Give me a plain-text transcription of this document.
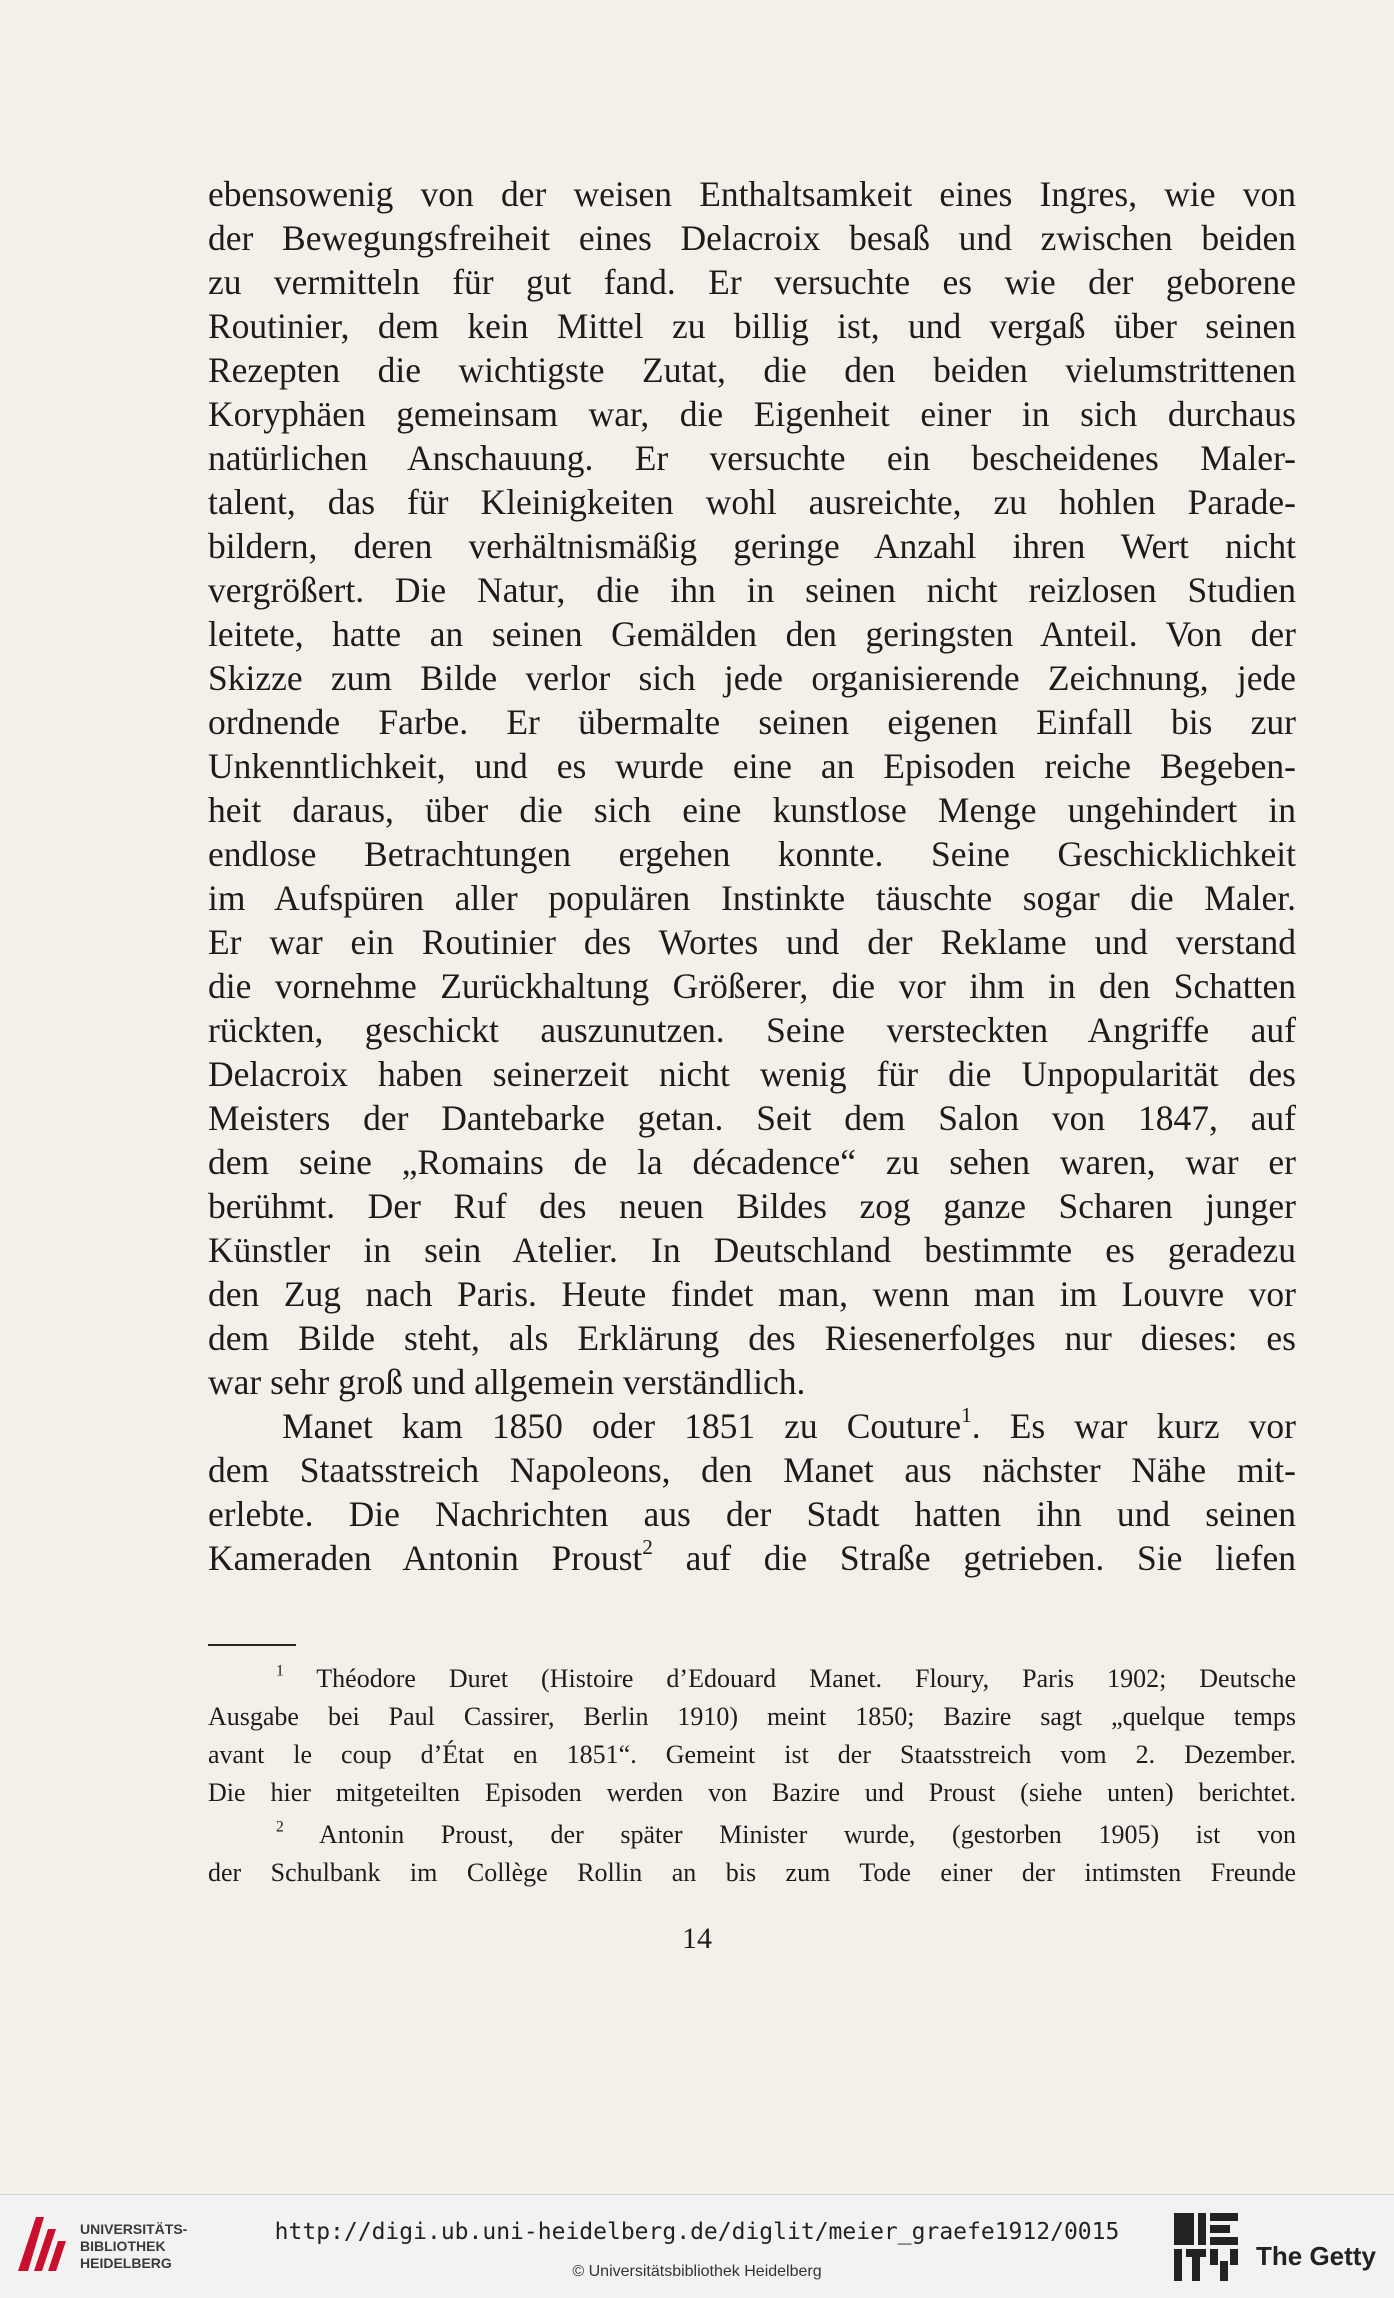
ebensowenig von der weisen Enthaltsamkeit eines Ingres, wie von
der Bewegungsfreiheit eines Delacroix besaß und zwischen beiden
zu vermitteln für gut fand. Er versuchte es wie der geborene
Routinier, dem kein Mittel zu billig ist, und vergaß über seinen
Rezepten die wichtigste Zutat, die den beiden vielumstrittenen
Koryphäen gemeinsam war, die Eigenheit einer in sich durchaus
natürlichen Anschauung. Er versuchte ein bescheidenes Maler-
talent, das für Kleinigkeiten wohl ausreichte, zu hohlen Parade-
bildern, deren verhältnismäßig geringe Anzahl ihren Wert nicht
vergrößert. Die Natur, die ihn in seinen nicht reizlosen Studien
leitete, hatte an seinen Gemälden den geringsten Anteil. Von der
Skizze zum Bilde verlor sich jede organisierende Zeichnung, jede
ordnende Farbe. Er übermalte seinen eigenen Einfall bis zur
Unkenntlichkeit, und es wurde eine an Episoden reiche Begeben-
heit daraus, über die sich eine kunstlose Menge ungehindert in
endlose Betrachtungen ergehen konnte. Seine Geschicklichkeit
im Aufspüren aller populären Instinkte täuschte sogar die Maler.
Er war ein Routinier des Wortes und der Reklame und verstand
die vornehme Zurückhaltung Größerer, die vor ihm in den Schatten
rückten, geschickt auszunutzen. Seine versteckten Angriffe auf
Delacroix haben seinerzeit nicht wenig für die Unpopularität des
Meisters der Dantebarke getan. Seit dem Salon von 1847, auf
dem seine „Romains de la décadence“ zu sehen waren, war er
berühmt. Der Ruf des neuen Bildes zog ganze Scharen junger
Künstler in sein Atelier. In Deutschland bestimmte es geradezu
den Zug nach Paris. Heute findet man, wenn man im Louvre vor
dem Bilde steht, als Erklärung des Riesenerfolges nur dieses: es
war sehr groß und allgemein verständlich.
Manet kam 1850 oder 1851 zu Couture$^1$. Es war kurz vor
dem Staatsstreich Napoleons, den Manet aus nächster Nähe mit-
erlebte. Die Nachrichten aus der Stadt hatten ihn und seinen
Kameraden Antonin Proust$^2$ auf die Straße getrieben. Sie liefen
$^1$ Théodore Duret (Histoire d’Edouard Manet. Floury, Paris 1902; Deutsche
Ausgabe bei Paul Cassirer, Berlin 1910) meint 1850; Bazire sagt „quelque temps
avant le coup d’État en 1851“. Gemeint ist der Staatsstreich vom 2. Dezember.
Die hier mitgeteilten Episoden werden von Bazire und Proust (siehe unten) berichtet.
$^2$ Antonin Proust, der später Minister wurde, (gestorben 1905) ist von
der Schulbank im Collège Rollin an bis zum Tode einer der intimsten Freunde
14
UNIVERSITÄTS-
BIBLIOTHEK
HEIDELBERG
http://digi.ub.uni-heidelberg.de/diglit/meier_graefe1912/0015
© Universitätsbibliothek Heidelberg
The Getty
